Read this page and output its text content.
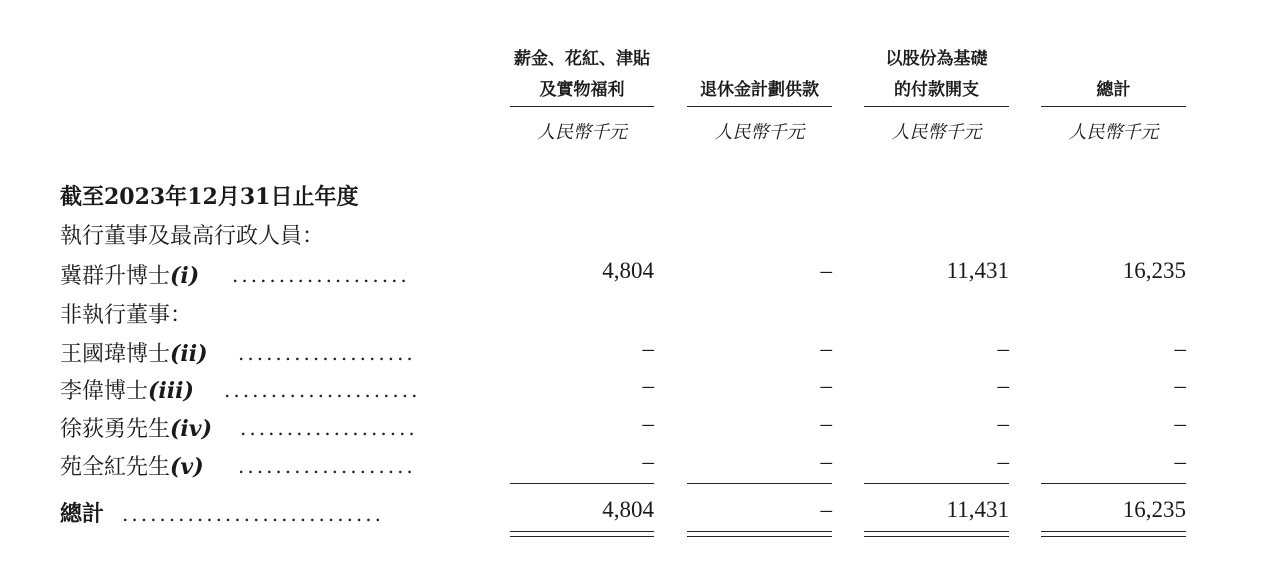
薪金、花紅、津貼
及實物福利
人民幣千元
退休金計劃供款
人民幣千元
以股份為基礎
的付款開支
人民幣千元
總計
人民幣千元
截至2023年12月31日止年度
執行董事及最高行政人員：
冀群升博士(i) ...................	4,804	–	11,431	16,235
非執行董事：
王國瑋博士(ii) ...................	–	–	–	–
李偉博士(iii) .....................	–	–	–	–
徐荻勇先生(iv) ...................	–	–	–	–
苑全紅先生(v) ...................	–	–	–	–
總計 ............................	4,804	–	11,431	16,235
